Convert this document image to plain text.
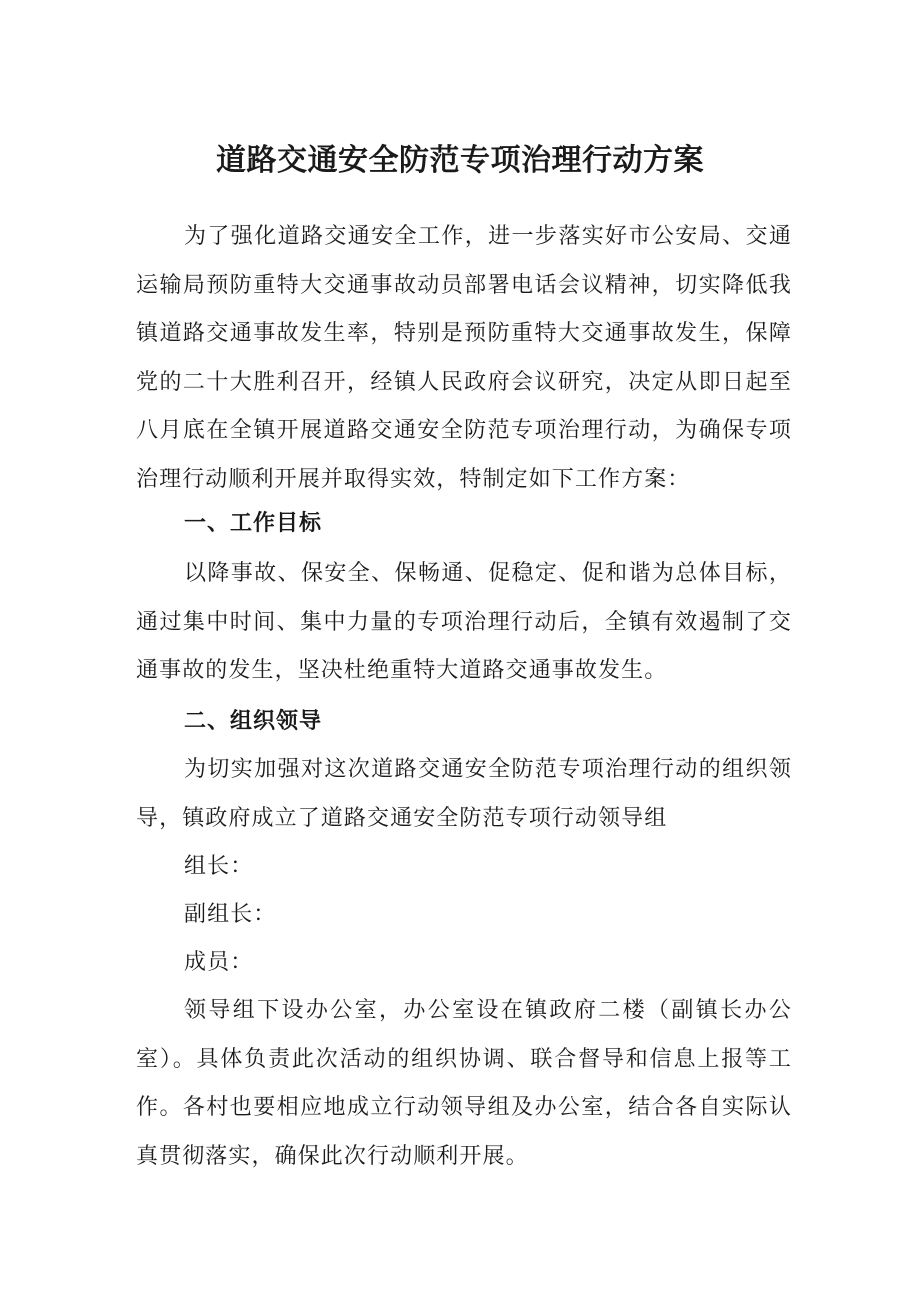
道路交通安全防范专项治理行动方案
为了强化道路交通安全工作，进一步落实好市公安局、交通运输局预防重特大交通事故动员部署电话会议精神，切实降低我镇道路交通事故发生率，特别是预防重特大交通事故发生，保障党的二十大胜利召开，经镇人民政府会议研究，决定从即日起至八月底在全镇开展道路交通安全防范专项治理行动，为确保专项治理行动顺利开展并取得实效，特制定如下工作方案：
一、工作目标
以降事故、保安全、保畅通、促稳定、促和谐为总体目标，通过集中时间、集中力量的专项治理行动后，全镇有效遏制了交通事故的发生，坚决杜绝重特大道路交通事故发生。
二、组织领导
为切实加强对这次道路交通安全防范专项治理行动的组织领导，镇政府成立了道路交通安全防范专项行动领导组
组长：
副组长：
成员：
领导组下设办公室，办公室设在镇政府二楼（副镇长办公室）。具体负责此次活动的组织协调、联合督导和信息上报等工作。各村也要相应地成立行动领导组及办公室，结合各自实际认真贯彻落实，确保此次行动顺利开展。
